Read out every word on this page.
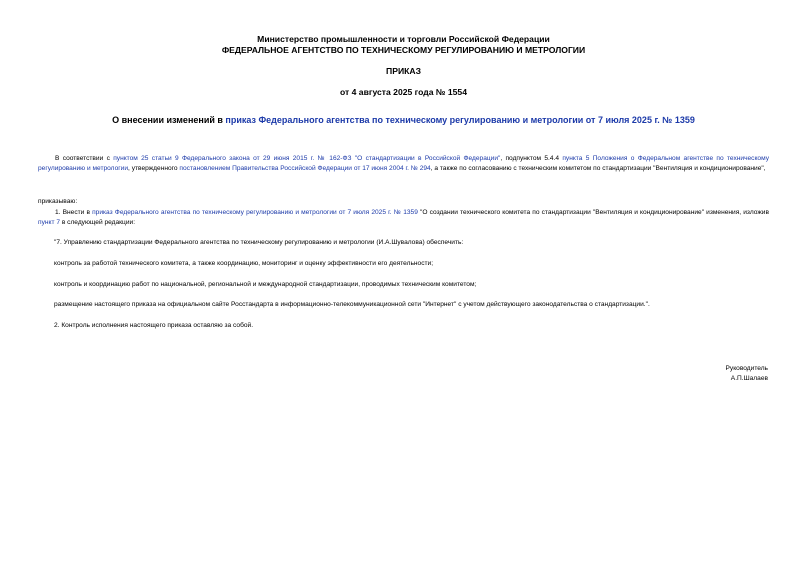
Министерство промышленности и торговли Российской Федерации
ФЕДЕРАЛЬНОЕ АГЕНТСТВО ПО ТЕХНИЧЕСКОМУ РЕГУЛИРОВАНИЮ И МЕТРОЛОГИИ
ПРИКАЗ
от 4 августа 2025 года № 1554
О внесении изменений в приказ Федерального агентства по техническому регулированию и метрологии от 7 июля 2025 г. № 1359
В соответствии с пунктом 25 статьи 9 Федерального закона от 29 июня 2015 г. № 162-ФЗ "О стандартизации в Российской Федерации", подпунктом 5.4.4 пункта 5 Положения о Федеральном агентстве по техническому регулированию и метрологии, утвержденного постановлением Правительства Российской Федерации от 17 июня 2004 г. № 294, а также по согласованию с техническим комитетом по стандартизации "Вентиляция и кондиционирование",
приказываю:
1. Внести в приказ Федерального агентства по техническому регулированию и метрологии от 7 июля 2025 г. № 1359 "О создании технического комитета по стандартизации "Вентиляция и кондиционирование" изменения, изложив пункт 7 в следующей редакции:
"7. Управлению стандартизации Федерального агентства по техническому регулированию и метрологии (И.А.Шувалова) обеспечить:
контроль за работой технического комитета, а также координацию, мониторинг и оценку эффективности его деятельности;
контроль и координацию работ по национальной, региональной и международной стандартизации, проводимых техническим комитетом;
размещение настоящего приказа на официальном сайте Росстандарта в информационно-телекоммуникационной сети "Интернет" с учетом действующего законодательства о стандартизации.".
2. Контроль исполнения настоящего приказа оставляю за собой.
Руководитель
А.П.Шалаев
